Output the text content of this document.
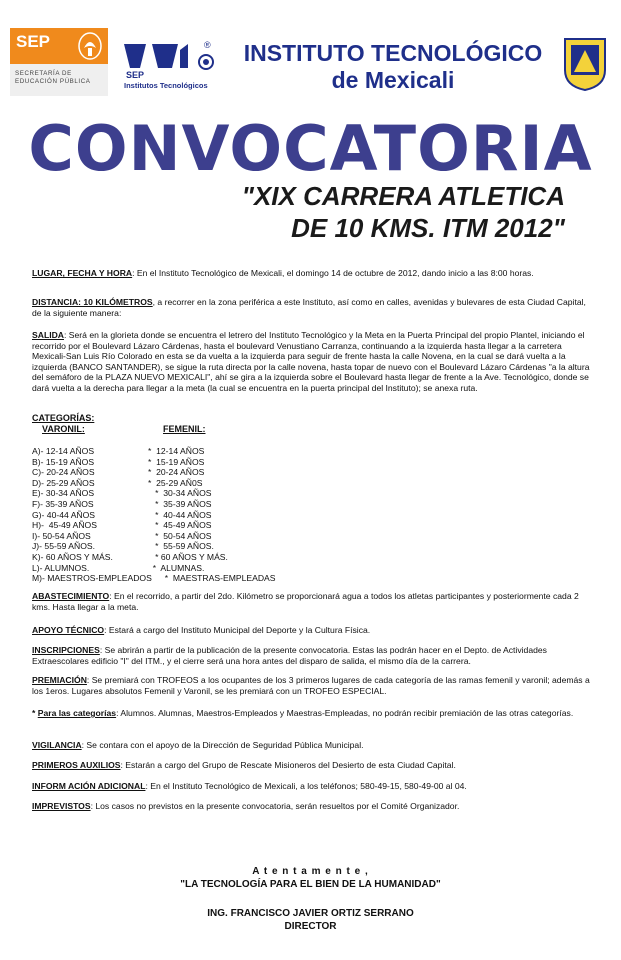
SEP
SECRETARÍA DE
EDUCACIÓN PÚBLICA
®
SEP
Institutos Tecnológicos
INSTITUTO TECNOLÓGICO
de Mexicali
CONVOCATORIA
"XIX CARRERA ATLETICA
DE 10 KMS. ITM 2012"
LUGAR, FECHA Y HORA: En el Instituto Tecnológico de Mexicali, el domingo 14 de octubre de 2012, dando inicio a las 8:00 horas.
DISTANCIA: 10 KILÓMETROS, a recorrer en la zona periférica a este Instituto, así como en calles, avenidas y bulevares de esta Ciudad Capital, de la siguiente manera:
SALIDA: Será en la glorieta donde se encuentra el letrero del Instituto Tecnológico y la Meta en la Puerta Principal del propio Plantel, iniciando el recorrido por el Boulevard Lázaro Cárdenas, hasta el boulevard Venustiano Carranza, continuando a la izquierda hasta llegar a la carretera Mexicali-San Luis Río Colorado en esta se da vuelta a la izquierda para seguir de frente hasta la calle Novena, en la cual se dará vuelta a la izquierda (BANCO SANTANDER), se sigue la ruta directa por la calle novena, hasta topar de nuevo con el Boulevard Lázaro Cárdenas "a la altura del semáforo de la PLAZA NUEVO MEXICALI", ahí se gira a la izquierda sobre el Boulevard hasta llegar de frente a la Ave. Tecnológico, donde se dará vuelta a la derecha para llegar a la meta (la cual se encuentra en la puerta principal del Instituto); se anexa ruta.
CATEGORÍAS:
VARONIL:	FEMENIL:
A)- 12-14 AÑOS
B)- 15-19 AÑOS
C)- 20-24 AÑOS
D)- 25-29 AÑOS
E)- 30-34 AÑOS
F)- 35-39 AÑOS
G)- 40-44 AÑOS
H)-  45-49 AÑOS
I)- 50-54 AÑOS
J)- 55-59 AÑOS.
K)- 60 AÑOS Y MÁS.
L)- ALUMNOS.
M)- MAESTROS-EMPLEADOS
*  12-14 AÑOS
*  15-19 AÑOS
*  20-24 AÑOS
*  25-29 AÑ0S
*  30-34 AÑOS
*  35-39 AÑOS
*  40-44 AÑOS
*  45-49 AÑOS
*  50-54 AÑOS
*  55-59 AÑOS.
* 60 AÑOS Y MÁS.
*  ALUMNAS.
*  MAESTRAS-EMPLEADAS
ABASTECIMIENTO: En el recorrido, a partir del 2do. Kilómetro se proporcionará agua a todos los atletas participantes y posteriormente cada 2 kms. Hasta llegar a la meta.
APOYO TÉCNICO: Estará a cargo del Instituto Municipal del Deporte y la Cultura Física.
INSCRIPCIONES: Se abrirán a partir de la publicación de la presente convocatoria. Estas las podrán hacer en el Depto. de Actividades Extraescolares edificio "I" del ITM., y el cierre será una hora antes del disparo de salida, el mismo día de la carrera.
PREMIACIÓN: Se premiará con TROFEOS a los ocupantes de los 3 primeros lugares de cada categoría de las ramas femenil y varonil; además a los 1eros. Lugares absolutos Femenil y Varonil, se les premiará con un TROFEO ESPECIAL.
* Para las categorías: Alumnos. Alumnas, Maestros-Empleados y Maestras-Empleadas, no podrán recibir premiación de las otras categorías.
VIGILANCIA: Se contara con el apoyo de la Dirección de Seguridad Pública Municipal.
PRIMEROS AUXILIOS: Estarán a cargo del Grupo de Rescate Misioneros del Desierto de esta Ciudad Capital.
INFORM ACIÓN ADICIONAL: En el Instituto Tecnológico de Mexicali, a los teléfonos; 580-49-15, 580-49-00 al 04.
IMPREVISTOS: Los casos no previstos en la presente convocatoria, serán resueltos por el Comité Organizador.
A t e n t a m e n t e ,
"LA TECNOLOGÍA PARA EL BIEN DE LA HUMANIDAD"
ING. FRANCISCO JAVIER ORTIZ SERRANO
DIRECTOR
